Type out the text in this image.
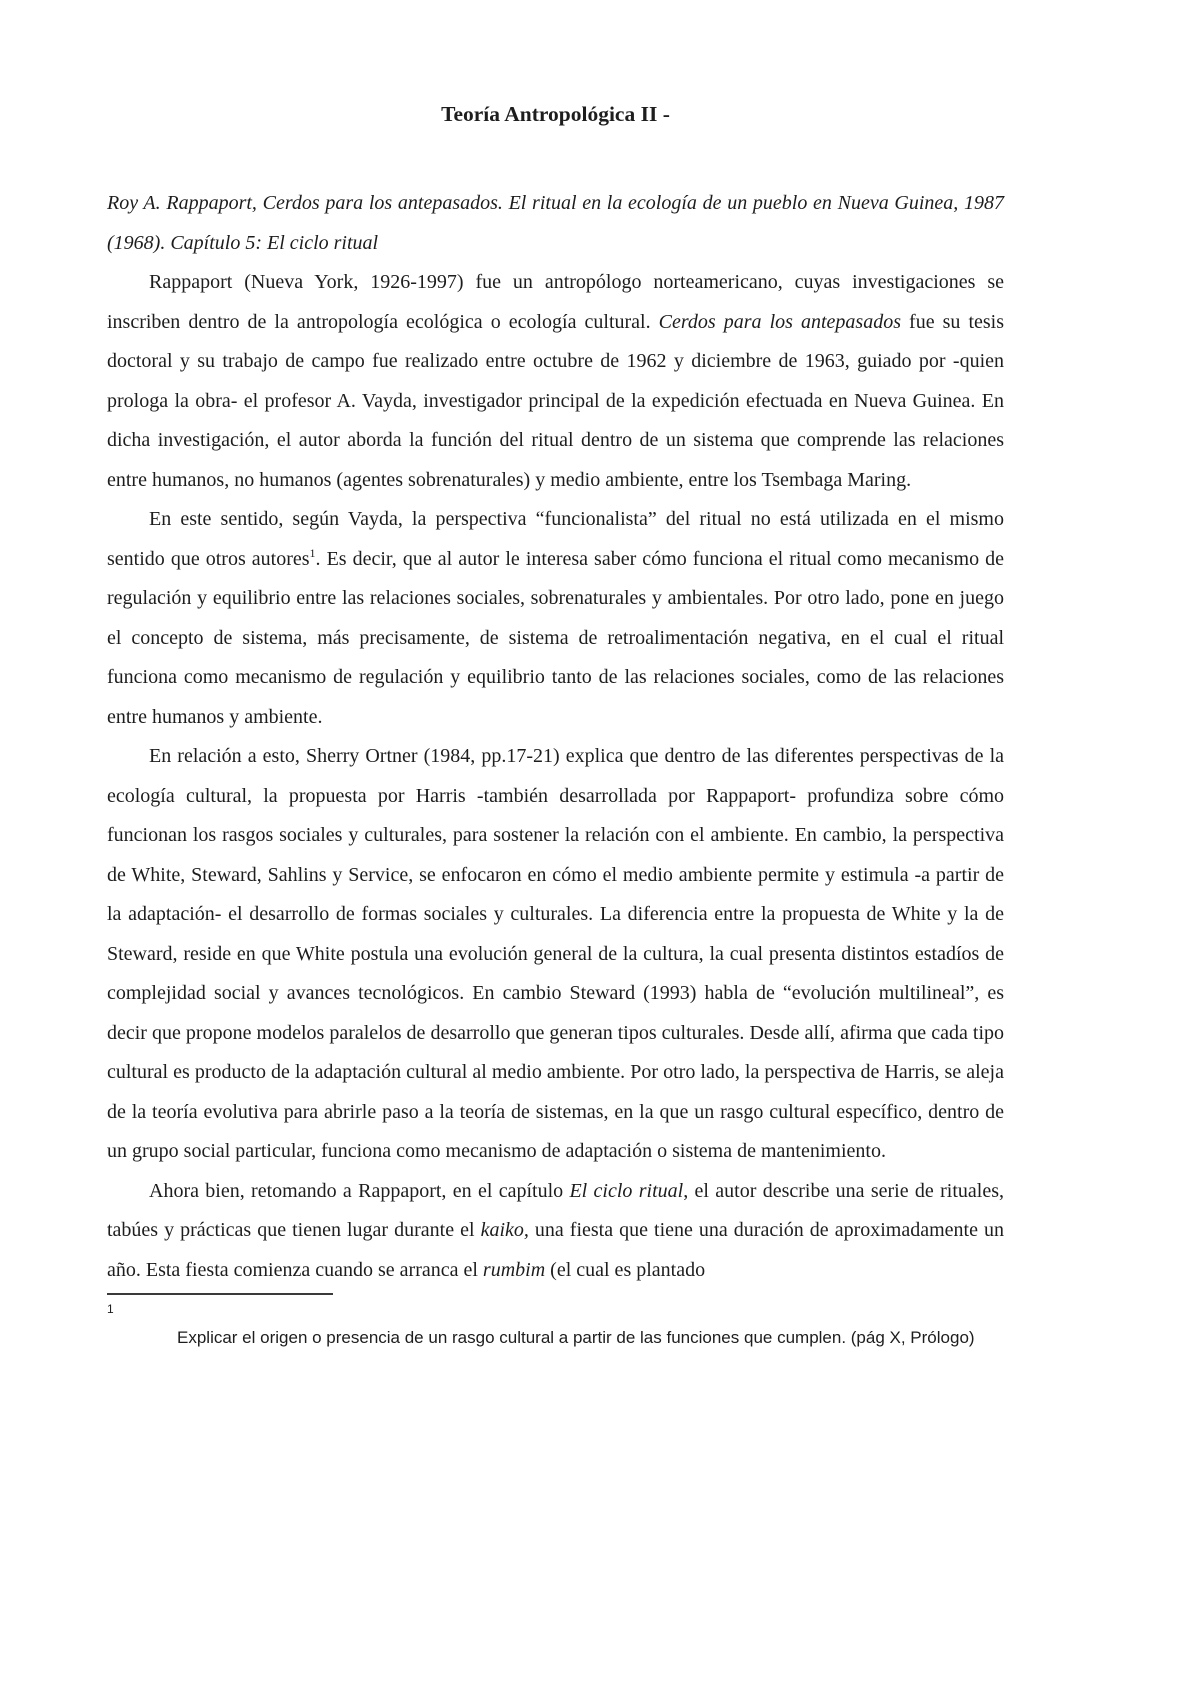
Teoría Antropológica II -

Roy A. Rappaport, Cerdos para los antepasados. El ritual en la ecología de un pueblo en Nueva Guinea, 1987 (1968). Capítulo 5: El ciclo ritual

Rappaport (Nueva York, 1926-1997) fue un antropólogo norteamericano, cuyas investigaciones se inscriben dentro de la antropología ecológica o ecología cultural. Cerdos para los antepasados fue su tesis doctoral y su trabajo de campo fue realizado entre octubre de 1962 y diciembre de 1963, guiado por -quien prologa la obra- el profesor A. Vayda, investigador principal de la expedición efectuada en Nueva Guinea. En dicha investigación, el autor aborda la función del ritual dentro de un sistema que comprende las relaciones entre humanos, no humanos (agentes sobrenaturales) y medio ambiente, entre los Tsembaga Maring.

En este sentido, según Vayda, la perspectiva “funcionalista” del ritual no está utilizada en el mismo sentido que otros autores$^1$. Es decir, que al autor le interesa saber cómo funciona el ritual como mecanismo de regulación y equilibrio entre las relaciones sociales, sobrenaturales y ambientales. Por otro lado, pone en juego el concepto de sistema, más precisamente, de sistema de retroalimentación negativa, en el cual el ritual funciona como mecanismo de regulación y equilibrio tanto de las relaciones sociales, como de las relaciones entre humanos y ambiente.

En relación a esto, Sherry Ortner (1984, pp.17-21) explica que dentro de las diferentes perspectivas de la ecología cultural, la propuesta por Harris -también desarrollada por Rappaport- profundiza sobre cómo funcionan los rasgos sociales y culturales, para sostener la relación con el ambiente. En cambio, la perspectiva de White, Steward, Sahlins y Service, se enfocaron en cómo el medio ambiente permite y estimula -a partir de la adaptación- el desarrollo de formas sociales y culturales. La diferencia entre la propuesta de White y la de Steward, reside en que White postula una evolución general de la cultura, la cual presenta distintos estadíos de complejidad social y avances tecnológicos. En cambio Steward (1993) habla de “evolución multilineal”, es decir que propone modelos paralelos de desarrollo que generan tipos culturales. Desde allí, afirma que cada tipo cultural es producto de la adaptación cultural al medio ambiente. Por otro lado, la perspectiva de Harris, se aleja de la teoría evolutiva para abrirle paso a la teoría de sistemas, en la que un rasgo cultural específico, dentro de un grupo social particular, funciona como mecanismo de adaptación o sistema de mantenimiento.

Ahora bien, retomando a Rappaport, en el capítulo El ciclo ritual, el autor describe una serie de rituales, tabúes y prácticas que tienen lugar durante el kaiko, una fiesta que tiene una duración de aproximadamente un año. Esta fiesta comienza cuando se arranca el rumbim (el cual es plantado

1

Explicar el origen o presencia de un rasgo cultural a partir de las funciones que cumplen. (pág X, Prólogo)
